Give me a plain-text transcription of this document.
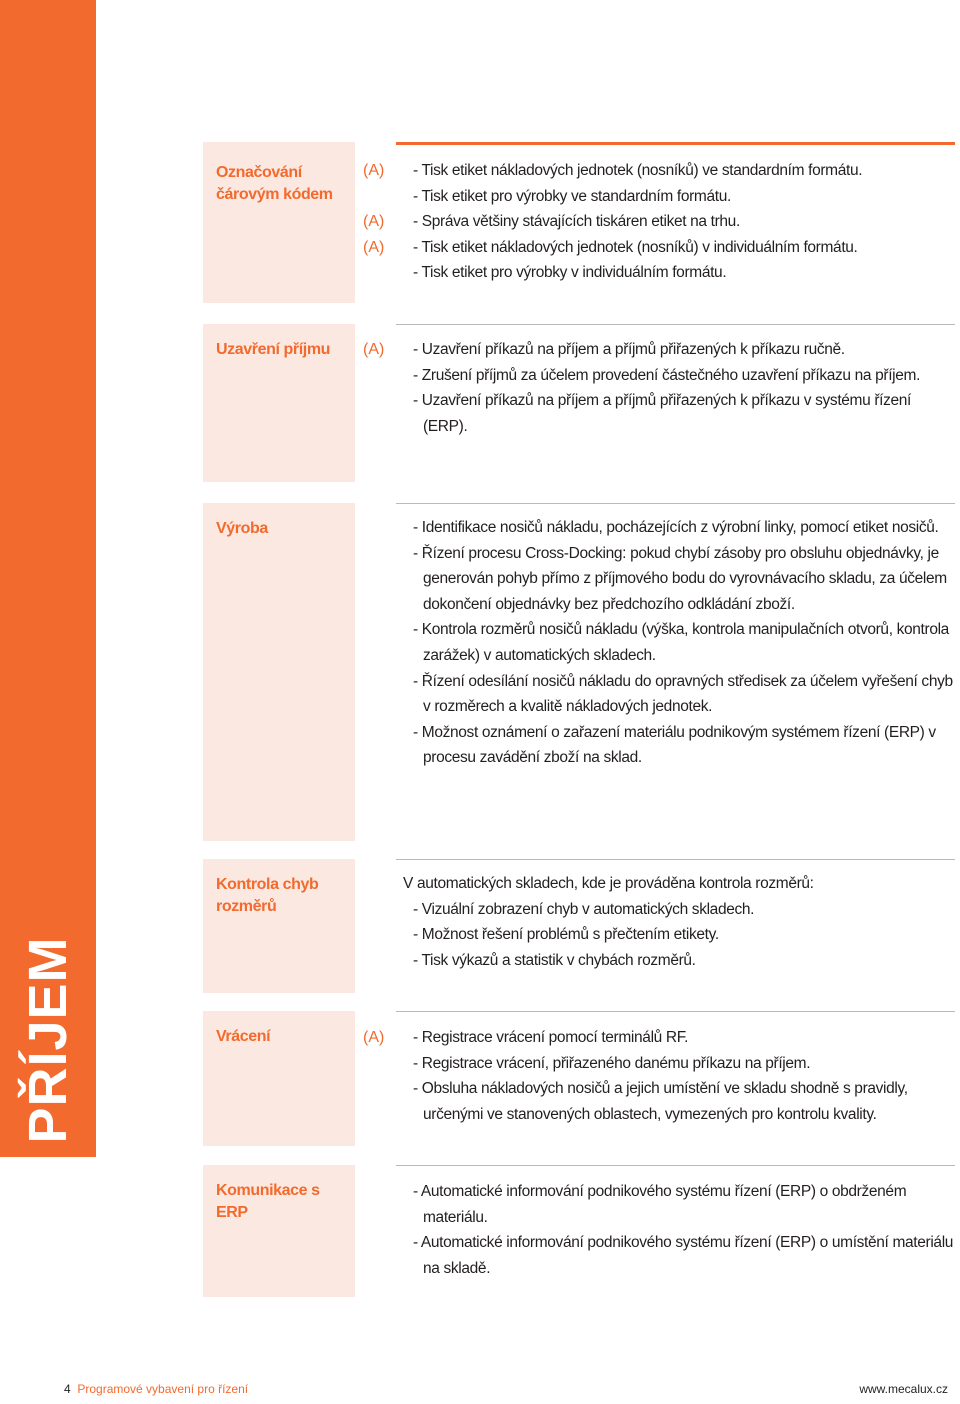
PŘÍJEM
Označování čárovým kódem
(A) - Tisk etiket nákladových jednotek (nosníků) ve standardním formátu.
- Tisk etiket pro výrobky ve standardním formátu.
(A) - Správa většiny stávajících tiskáren etiket na trhu.
(A) - Tisk etiket nákladových jednotek (nosníků) v individuálním formátu.
- Tisk etiket pro výrobky v individuálním formátu.
Uzavření příjmu	(A) - Uzavření příkazů na příjem a příjmů přiřazených k příkazu ručně.
- Zrušení příjmů za účelem provedení částečného uzavření příkazu na příjem.
- Uzavření příkazů na příjem a příjmů přiřazených k příkazu v systému řízení (ERP).
Výroba	- Identifikace nosičů nákladu, pocházejících z výrobní linky, pomocí etiket nosičů.
- Řízení procesu Cross-Docking: pokud chybí zásoby pro obsluhu objednávky, je generován pohyb přímo z příjmového bodu do vyrovnávacího skladu, za účelem dokončení objednávky bez předchozího odkládání zboží.
- Kontrola rozměrů nosičů nákladu (výška, kontrola manipulačních otvorů, kontrola zarážek) v automatických skladech.
- Řízení odesílání nosičů nákladu do opravných středisek za účelem vyřešení chyb v rozměrech a kvalitě nákladových jednotek.
- Možnost oznámení o zařazení materiálu podnikovým systémem řízení (ERP) v procesu zavádění zboží na sklad.
Kontrola chyb rozměrů
V automatických skladech, kde je prováděna kontrola rozměrů:
- Vizuální zobrazení chyb v automatických skladech.
- Možnost řešení problémů s přečtením etikety.
- Tisk výkazů a statistik v chybách rozměrů.
Vrácení	(A) - Registrace vrácení pomocí terminálů RF.
- Registrace vrácení, přiřazeného danému příkazu na příjem.
- Obsluha nákladových nosičů a jejich umístění ve skladu shodně s pravidly, určenými ve stanovených oblastech, vymezených pro kontrolu kvality.
Komunikace s ERP
- Automatické informování podnikového systému řízení (ERP) o obdrženém materiálu.
- Automatické informování podnikového systému řízení (ERP) o umístění materiálu na skladě.
4 Programové vybavení pro řízení	www.mecalux.cz
